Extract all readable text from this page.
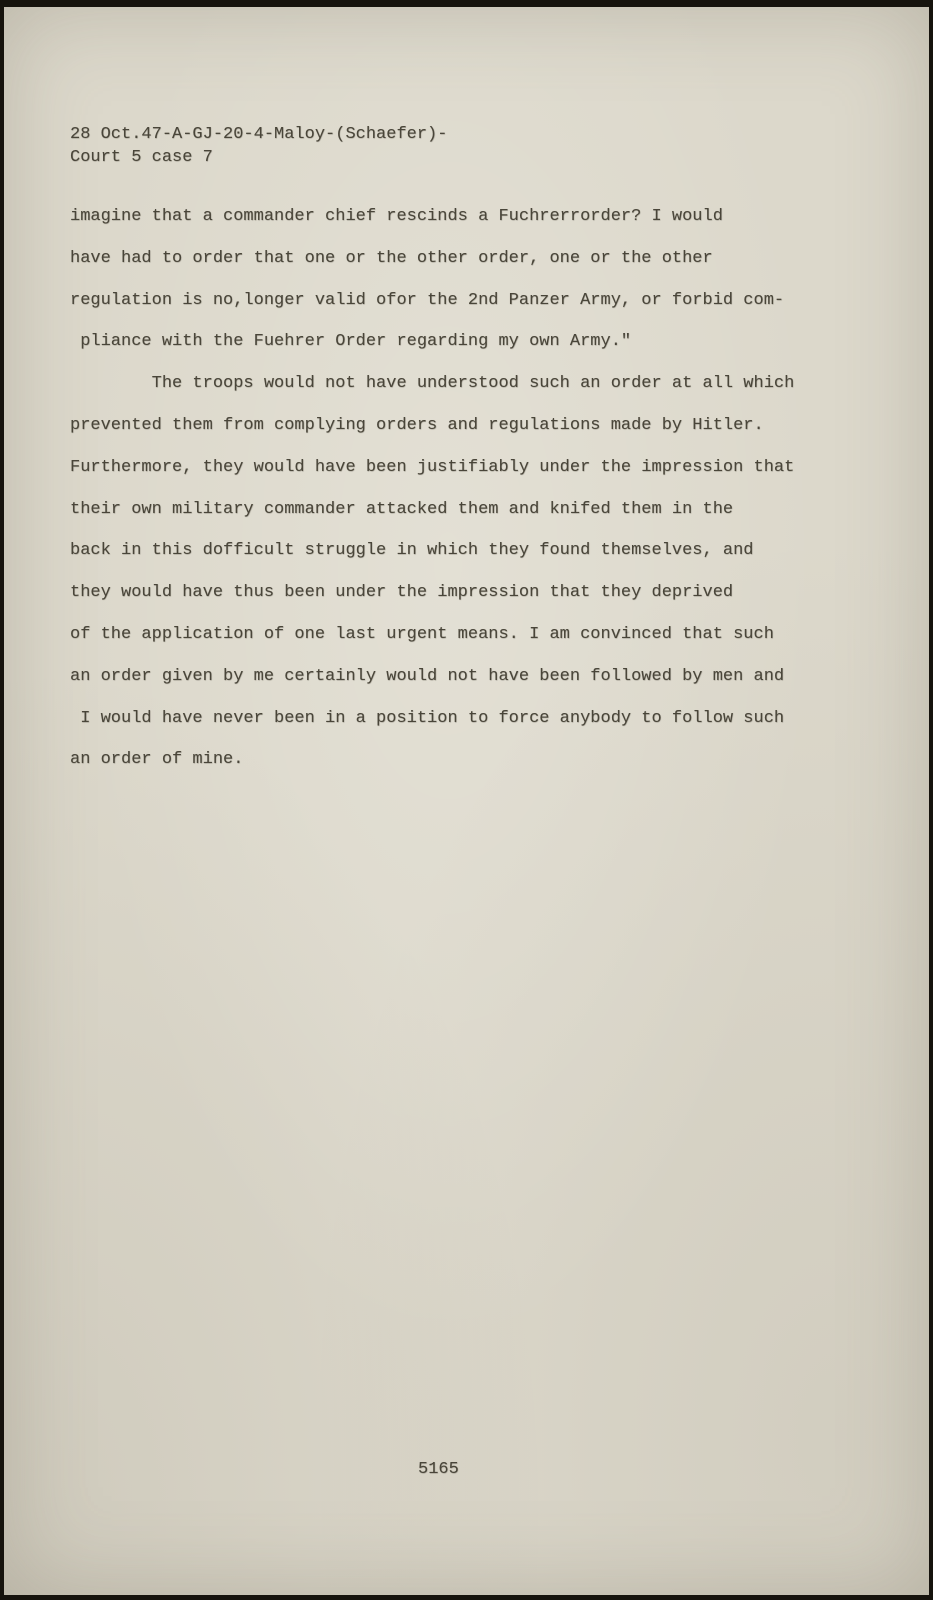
28 Oct.47-A-GJ-20-4-Maloy-(Schaefer)-
Court 5 case 7
imagine that a commander chief rescinds a Fuchrerrorder? I would
have had to order that one or the other order, one or the other
regulation is no,longer valid ofor the 2nd Panzer Army, or forbid com-
pliance with the Fuehrer Order regarding my own Army."
The troops would not have understood such an order at all which
prevented them from complying orders and regulations made by Hitler.
Furthermore, they would have been justifiably under the impression that
their own military commander attacked them and knifed them in the
back in this dofficult struggle in which they found themselves, and
they would have thus been under the impression that they deprived
of the application of one last urgent means. I am convinced that such
an order given by me certainly would not have been followed by men and
I would have never been in a position to force anybody to follow such
an order of mine.
5165
